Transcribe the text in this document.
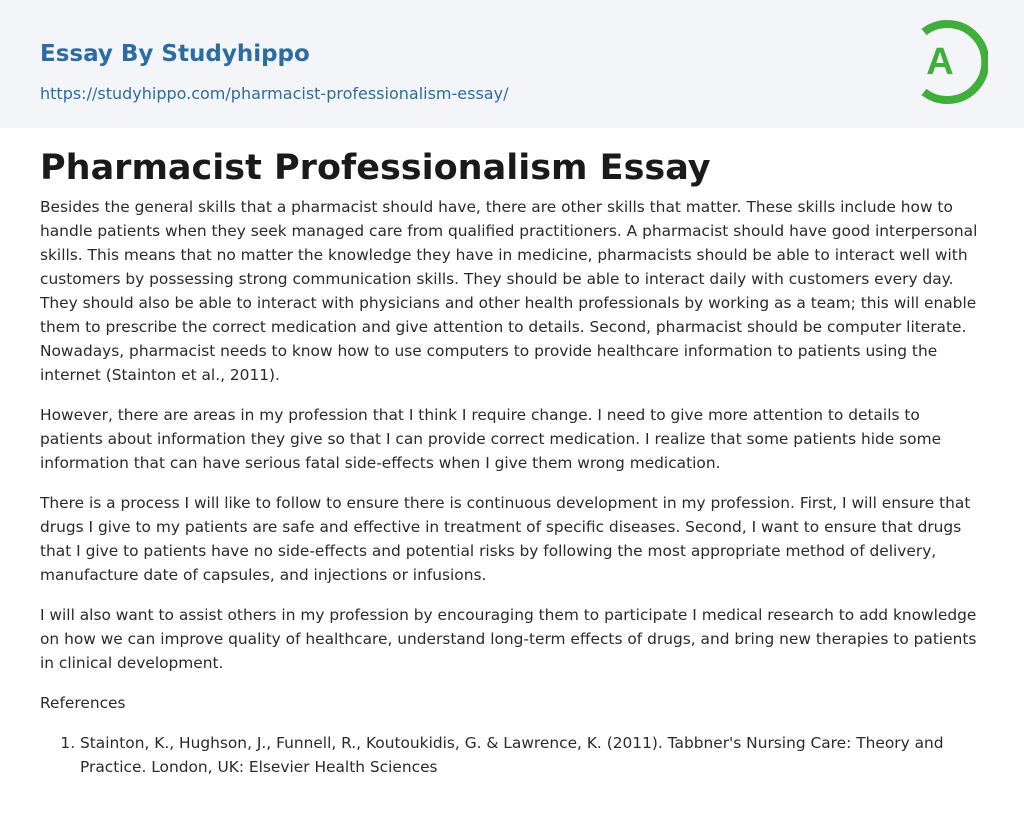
Essay By Studyhippo
https://studyhippo.com/pharmacist-professionalism-essay/
A
Pharmacist Professionalism Essay

Besides the general skills that a pharmacist should have, there are other skills that matter. These skills include how to handle patients when they seek managed care from qualified practitioners. A pharmacist should have good interpersonal skills. This means that no matter the knowledge they have in medicine, pharmacists should be able to interact well with customers by possessing strong communication skills. They should be able to interact daily with customers every day. They should also be able to interact with physicians and other health professionals by working as a team; this will enable them to prescribe the correct medication and give attention to details. Second, pharmacist should be computer literate. Nowadays, pharmacist needs to know how to use computers to provide healthcare information to patients using the internet (Stainton et al., 2011).

However, there are areas in my profession that I think I require change. I need to give more attention to details to patients about information they give so that I can provide correct medication. I realize that some patients hide some information that can have serious fatal side-effects when I give them wrong medication.

There is a process I will like to follow to ensure there is continuous development in my profession. First, I will ensure that drugs I give to my patients are safe and effective in treatment of specific diseases. Second, I want to ensure that drugs that I give to patients have no side-effects and potential risks by following the most appropriate method of delivery, manufacture date of capsules, and injections or infusions.

I will also want to assist others in my profession by encouraging them to participate I medical research to add knowledge on how we can improve quality of healthcare, understand long-term effects of drugs, and bring new therapies to patients in clinical development.

References

1. Stainton, K., Hughson, J., Funnell, R., Koutoukidis, G. & Lawrence, K. (2011). Tabbner's Nursing Care: Theory and Practice. London, UK: Elsevier Health Sciences
